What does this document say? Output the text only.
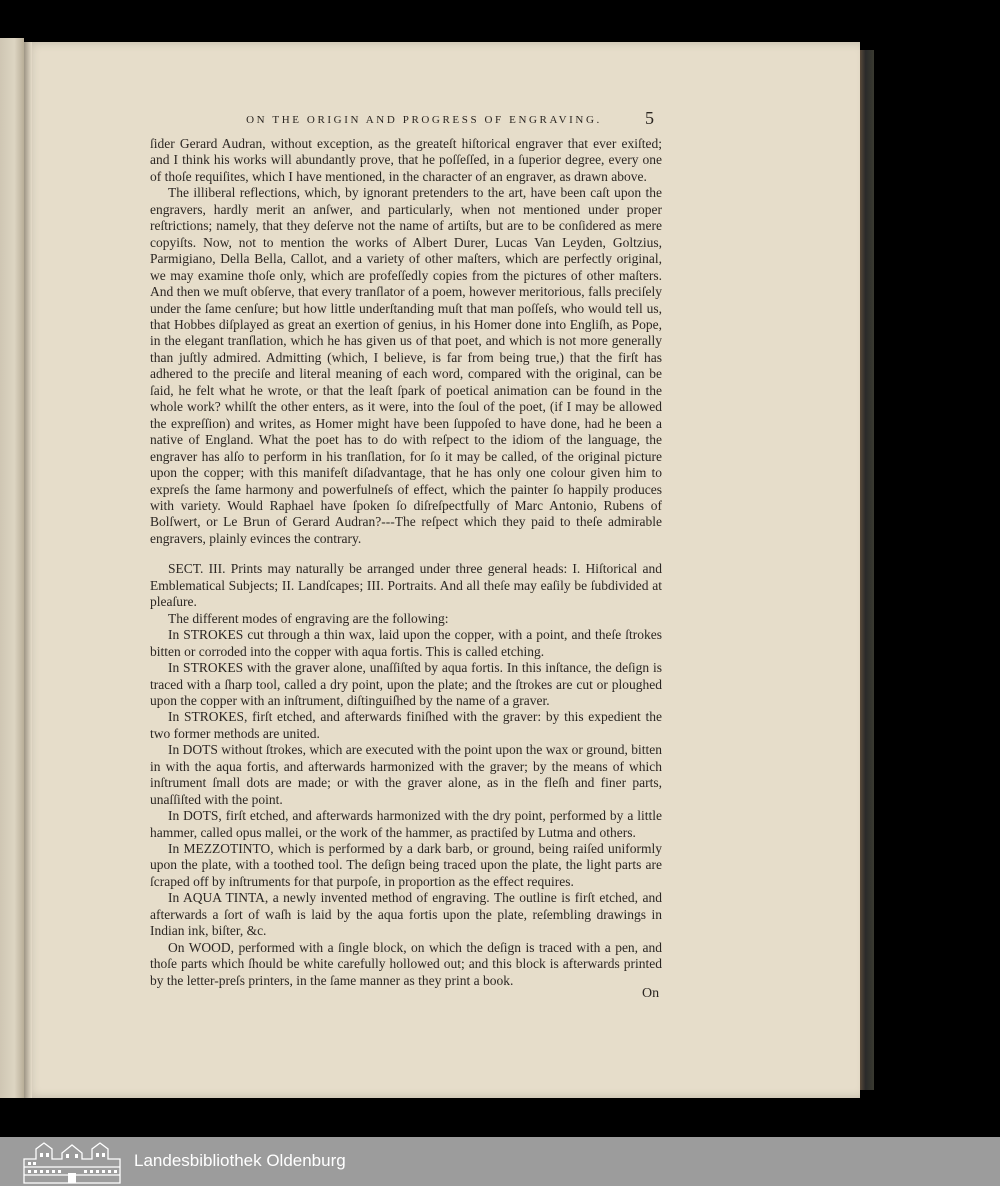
ON THE ORIGIN AND PROGRESS OF ENGRAVING.	5

ſider Gerard Audran, without exception, as the greateſt hiſtorical engraver that ever exiſted; and I think his works will abundantly prove, that he poſſeſſed, in a ſuperior degree, every one of thoſe requiſites, which I have mentioned, in the character of an engraver, as drawn above.

The illiberal reflections, which, by ignorant pretenders to the art, have been caſt upon the engravers, hardly merit an anſwer, and particularly, when not mentioned under proper reſtrictions; namely, that they deſerve not the name of artiſts, but are to be conſidered as mere copyiſts. Now, not to mention the works of Albert Durer, Lucas Van Leyden, Goltzius, Parmigiano, Della Bella, Callot, and a variety of other maſters, which are perfectly original, we may examine thoſe only, which are profeſſedly copies from the pictures of other maſters. And then we muſt obſerve, that every tranſlator of a poem, however meritorious, falls preciſely under the ſame cenſure; but how little underſtanding muſt that man poſſeſs, who would tell us, that Hobbes diſplayed as great an exertion of genius, in his Homer done into Engliſh, as Pope, in the elegant tranſlation, which he has given us of that poet, and which is not more generally than juſtly admired. Admitting (which, I believe, is far from being true,) that the firſt has adhered to the preciſe and literal meaning of each word, compared with the original, can be ſaid, he felt what he wrote, or that the leaſt ſpark of poetical animation can be found in the whole work? whilſt the other enters, as it were, into the ſoul of the poet, (if I may be allowed the expreſſion) and writes, as Homer might have been ſuppoſed to have done, had he been a native of England. What the poet has to do with reſpect to the idiom of the language, the engraver has alſo to perform in his tranſlation, for ſo it may be called, of the original picture upon the copper; with this manifeſt diſadvantage, that he has only one colour given him to expreſs the ſame harmony and powerfulneſs of effect, which the painter ſo happily produces with variety. Would Raphael have ſpoken ſo diſreſpectfully of Marc Antonio, Rubens of Bolſwert, or Le Brun of Gerard Audran?---The reſpect which they paid to theſe admirable engravers, plainly evinces the contrary.

SECT. III. Prints may naturally be arranged under three general heads: I. Hiſtorical and Emblematical Subjects; II. Landſcapes; III. Portraits. And all theſe may eaſily be ſubdivided at pleaſure.

The different modes of engraving are the following:

In STROKES cut through a thin wax, laid upon the copper, with a point, and theſe ſtrokes bitten or corroded into the copper with aqua fortis. This is called etching.

In STROKES with the graver alone, unaſſiſted by aqua fortis. In this inſtance, the deſign is traced with a ſharp tool, called a dry point, upon the plate; and the ſtrokes are cut or ploughed upon the copper with an inſtrument, diſtinguiſhed by the name of a graver.

In STROKES, firſt etched, and afterwards finiſhed with the graver: by this expedient the two former methods are united.

In DOTS without ſtrokes, which are executed with the point upon the wax or ground, bitten in with the aqua fortis, and afterwards harmonized with the graver; by the means of which inſtrument ſmall dots are made; or with the graver alone, as in the fleſh and finer parts, unaſſiſted with the point.

In DOTS, firſt etched, and afterwards harmonized with the dry point, performed by a little hammer, called opus mallei, or the work of the hammer, as practiſed by Lutma and others.

In MEZZOTINTO, which is performed by a dark barb, or ground, being raiſed uniformly upon the plate, with a toothed tool. The deſign being traced upon the plate, the light parts are ſcraped off by inſtruments for that purpoſe, in proportion as the effect requires.

In AQUA TINTA, a newly invented method of engraving. The outline is firſt etched, and afterwards a ſort of waſh is laid by the aqua fortis upon the plate, reſembling drawings in Indian ink, biſter, &c.

On WOOD, performed with a ſingle block, on which the deſign is traced with a pen, and thoſe parts which ſhould be white carefully hollowed out; and this block is afterwards printed by the letter-preſs printers, in the ſame manner as they print a book.

On
Landesbibliothek Oldenburg
